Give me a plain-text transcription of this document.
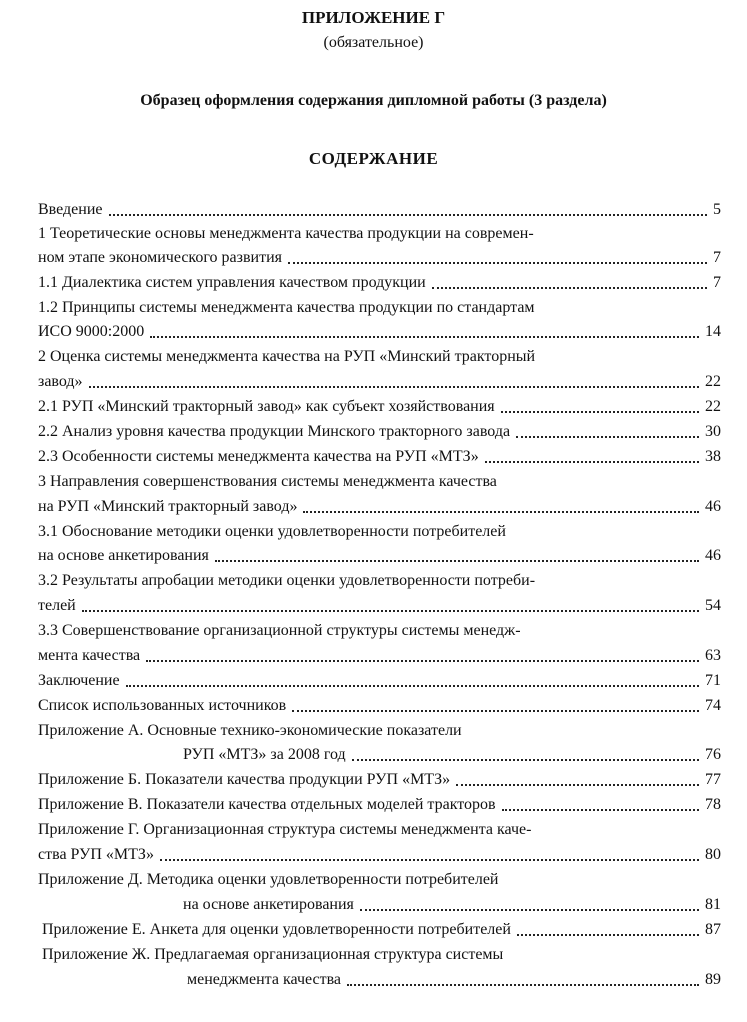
ПРИЛОЖЕНИЕ Г
(обязательное)
Образец оформления содержания дипломной работы (3 раздела)
СОДЕРЖАНИЕ
Введение	5
1 Теоретические основы менеджмента качества продукции на современ-
ном этапе экономического развития	7
1.1 Диалектика систем управления качеством продукции	7
1.2 Принципы системы менеджмента качества продукции по стандартам
ИСО 9000:2000	14
2 Оценка системы менеджмента качества на РУП «Минский тракторный
завод»	22
2.1 РУП «Минский тракторный завод» как субъект хозяйствования	22
2.2 Анализ уровня качества продукции Минского тракторного завода	30
2.3 Особенности системы менеджмента качества на РУП «МТЗ»	38
3 Направления совершенствования системы менеджмента качества
на РУП «Минский тракторный завод»	46
3.1 Обоснование методики оценки удовлетворенности потребителей
на основе анкетирования	46
3.2 Результаты апробации методики оценки удовлетворенности потреби-
телей	54
3.3 Совершенствование организационной структуры системы менедж-
мента качества	63
Заключение	71
Список использованных источников	74
Приложение А. Основные технико-экономические показатели
РУП «МТЗ» за 2008 год	76
Приложение Б. Показатели качества продукции РУП «МТЗ»	77
Приложение В. Показатели качества отдельных моделей тракторов	78
Приложение Г. Организационная структура системы менеджмента каче-
ства РУП «МТЗ»	80
Приложение Д. Методика оценки удовлетворенности потребителей
на основе анкетирования	81
Приложение Е. Анкета для оценки удовлетворенности потребителей	87
Приложение Ж. Предлагаемая организационная структура системы
менеджмента качества	89
